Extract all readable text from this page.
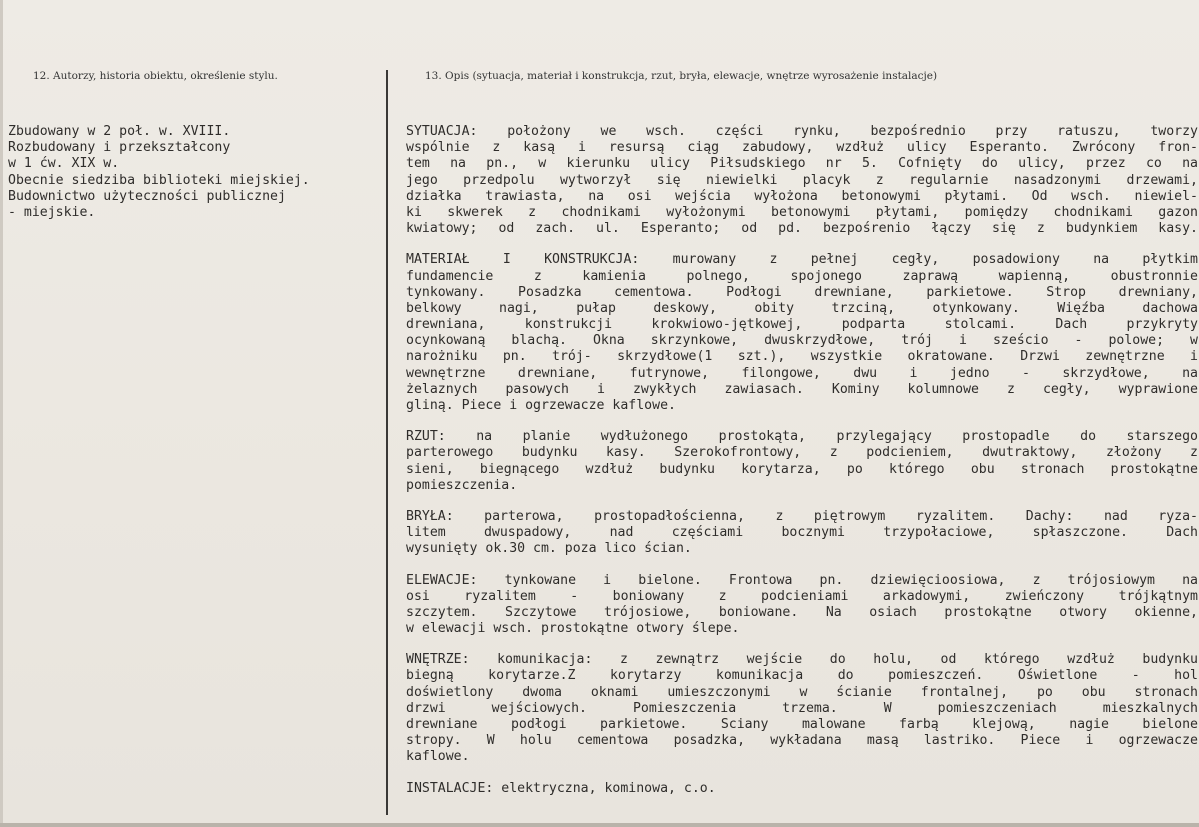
12. Autorzy, historia obiektu, określenie stylu.	13. Opis (sytuacja, materiał i konstrukcja, rzut, bryła, elewacje, wnętrze wyrosażenie instalacje)
Zbudowany w 2 poł. w. XVIII.
Rozbudowany i przekształcony
w 1 ćw. XIX w.
Obecnie siedziba biblioteki miejskiej.
Budownictwo użyteczności publicznej
- miejskie.
SYTUACJA: położony we wsch. części rynku, bezpośrednio przy ratuszu, tworzy
wspólnie z kasą i resursą ciąg zabudowy, wzdłuż ulicy Esperanto. Zwrócony fron-
tem na pn., w kierunku ulicy Piłsudskiego nr 5. Cofnięty do ulicy, przez co na
jego przedpolu wytworzył się niewielki placyk z regularnie nasadzonymi drzewami,
działka trawiasta, na osi wejścia wyłożona betonowymi płytami. Od wsch. niewiel-
ki skwerek z chodnikami wyłożonymi betonowymi płytami, pomiędzy chodnikami gazon
kwiatowy; od zach. ul. Esperanto; od pd. bezpośrenio łączy się z budynkiem kasy.
MATERIAŁ I KONSTRUKCJA: murowany z pełnej cegły, posadowiony na płytkim
fundamencie z kamienia polnego, spojonego zaprawą wapienną, obustronnie
tynkowany. Posadzka cementowa. Podłogi drewniane, parkietowe. Strop drewniany,
belkowy nagi, pułap deskowy, obity trzciną, otynkowany. Więźba dachowa
drewniana, konstrukcji krokwiowo-jętkowej, podparta stolcami. Dach przykryty
ocynkowaną blachą. Okna skrzynkowe, dwuskrzydłowe, trój i sześcio - polowe; w
narożniku pn. trój- skrzydłowe(1 szt.), wszystkie okratowane. Drzwi zewnętrzne i
wewnętrzne drewniane, futrynowe, filongowe, dwu i jedno - skrzydłowe, na
żelaznych pasowych i zwykłych zawiasach. Kominy kolumnowe z cegły, wyprawione
gliną. Piece i ogrzewacze kaflowe.
RZUT: na planie wydłużonego prostokąta, przylegający prostopadle do starszego
parterowego budynku kasy. Szerokofrontowy, z podcieniem, dwutraktowy, złożony z
sieni, biegnącego wzdłuż budynku korytarza, po którego obu stronach prostokątne
pomieszczenia.
BRYŁA: parterowa, prostopadłościenna, z piętrowym ryzalitem. Dachy: nad ryza-
litem dwuspadowy, nad częściami bocznymi trzypołaciowe, spłaszczone. Dach
wysunięty ok.30 cm. poza lico ścian.
ELEWACJE: tynkowane i bielone. Frontowa pn. dziewięcioosiowa, z trójosiowym na
osi ryzalitem - boniowany z podcieniami arkadowymi, zwieńczony trójkątnym
szczytem. Szczytowe trójosiowe, boniowane. Na osiach prostokątne otwory okienne,
w elewacji wsch. prostokątne otwory ślepe.
WNĘTRZE: komunikacja: z zewnątrz wejście do holu, od którego wzdłuż budynku
biegną korytarze.Z korytarzy komunikacja do pomieszczeń. Oświetlone - hol
doświetlony dwoma oknami umieszczonymi w ścianie frontalnej, po obu stronach
drzwi wejściowych. Pomieszczenia trzema. W pomieszczeniach mieszkalnych
drewniane podłogi parkietowe. Sciany malowane farbą klejową, nagie bielone
stropy. W holu cementowa posadzka, wykładana masą lastriko. Piece i ogrzewacze
kaflowe.
INSTALACJE: elektryczna, kominowa, c.o.
